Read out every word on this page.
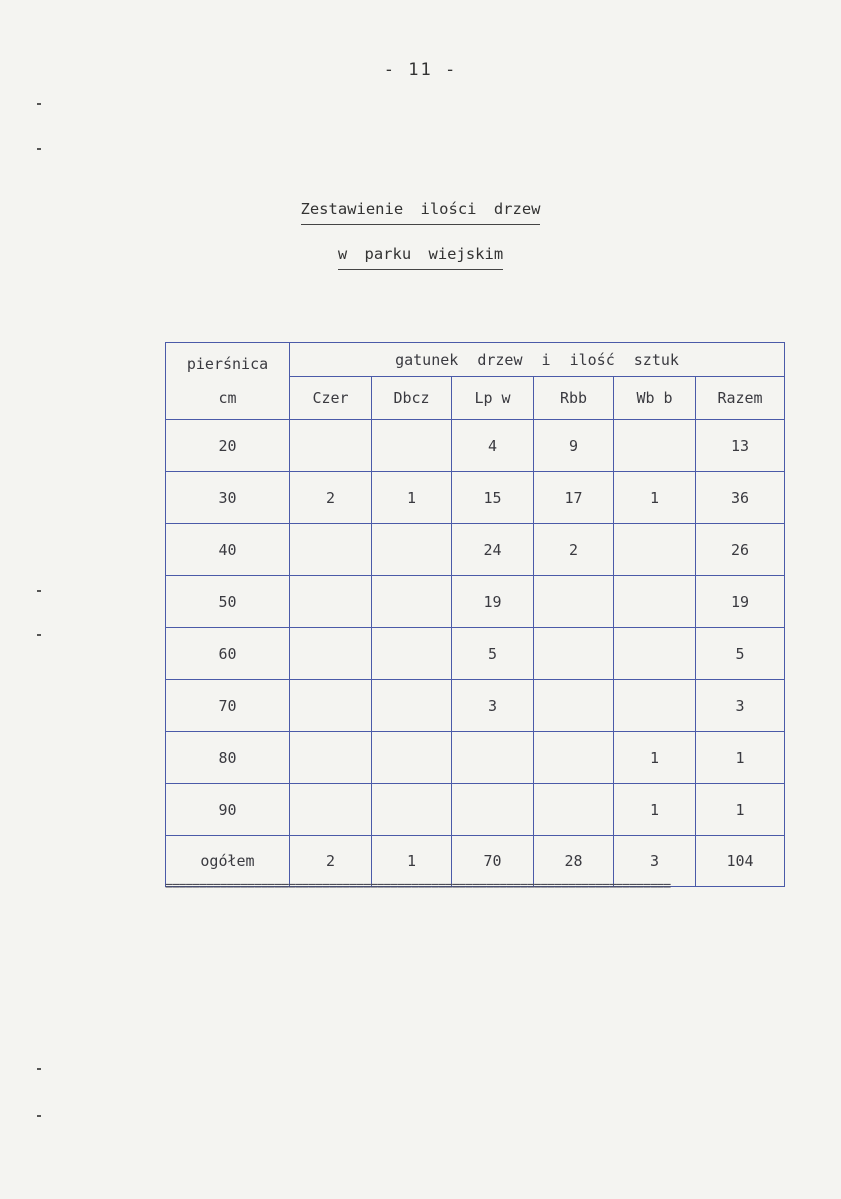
- 11 -
Zestawienie ilości drzew
w parku wiejskim
pierśnica
cm	gatunek drzew i ilość sztuk					
	Czer	Dbcz	Lp w	Rbb	Wb b	Razem
20			4	9		13
30	2	1	15	17	1	36
40			24	2		26
50			19			19
60			5			5
70			3			3
80					1	1
90					1	1
ogółem	2	1	70	28	3	104
==========================================================================
